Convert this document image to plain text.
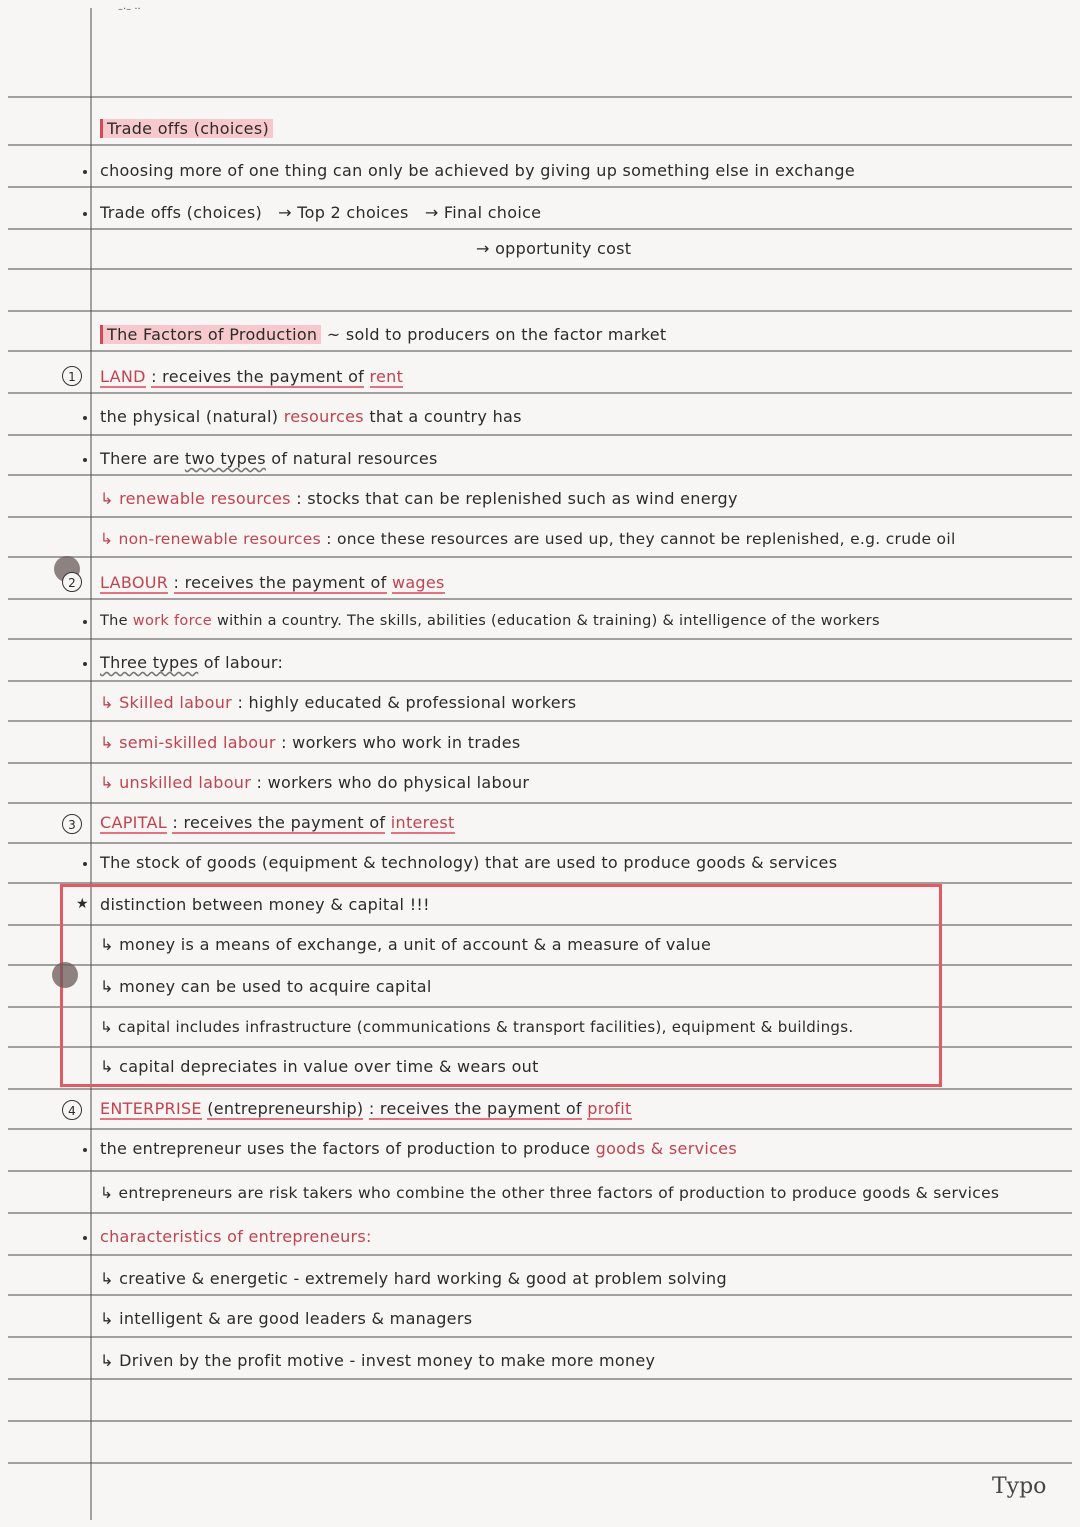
–·– ··
Trade offs (choices)
choosing more of one thing can only be achieved by giving up something else in exchange
Trade offs (choices) → Top 2 choices → Final choice
→ opportunity cost
The Factors of Production ~ sold to producers on the factor market
1	LAND : receives the payment of rent
the physical (natural) resources that a country has
There are two types of natural resources
↳ renewable resources : stocks that can be replenished such as wind energy
↳ non-renewable resources : once these resources are used up, they cannot be replenished, e.g. crude oil
2	LABOUR : receives the payment of wages
The work force within a country. The skills, abilities (education & training) & intelligence of the workers
Three types of labour:
↳ Skilled labour : highly educated & professional workers
↳ semi-skilled labour : workers who work in trades
↳ unskilled labour : workers who do physical labour
3	CAPITAL : receives the payment of interest
The stock of goods (equipment & technology) that are used to produce goods & services
★ distinction between money & capital !!!
↳ money is a means of exchange, a unit of account & a measure of value
↳ money can be used to acquire capital
↳ capital includes infrastructure (communications & transport facilities), equipment & buildings.
↳ capital depreciates in value over time & wears out
4	ENTERPRISE (entrepreneurship) : receives the payment of profit
the entrepreneur uses the factors of production to produce goods & services
↳ entrepreneurs are risk takers who combine the other three factors of production to produce goods & services
characteristics of entrepreneurs:
↳ creative & energetic - extremely hard working & good at problem solving
↳ intelligent & are good leaders & managers
↳ Driven by the profit motive - invest money to make more money
Typo
